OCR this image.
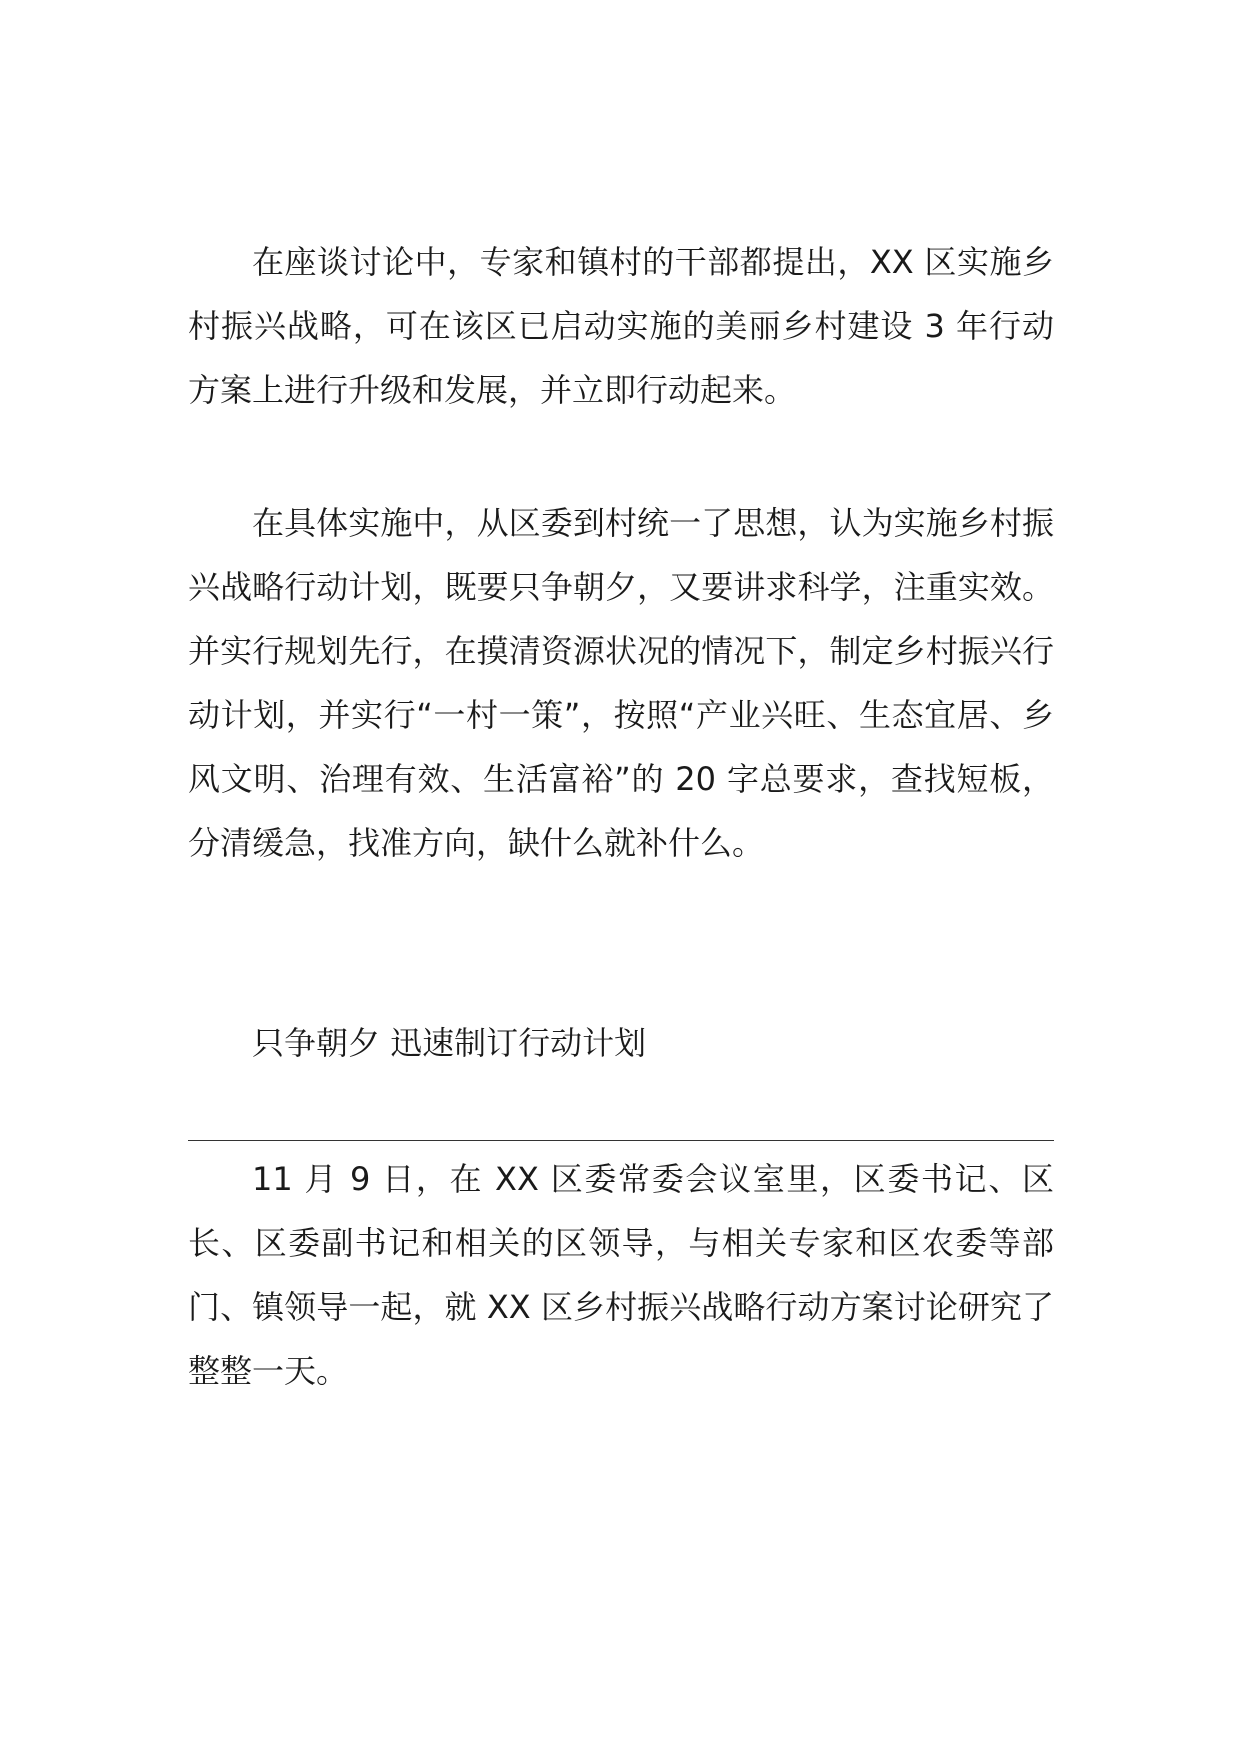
在座谈讨论中，专家和镇村的干部都提出，XX 区实施乡村振兴战略，可在该区已启动实施的美丽乡村建设 3 年行动方案上进行升级和发展，并立即行动起来。

在具体实施中，从区委到村统一了思想，认为实施乡村振兴战略行动计划，既要只争朝夕，又要讲求科学，注重实效。并实行规划先行，在摸清资源状况的情况下，制定乡村振兴行动计划，并实行“一村一策”，按照“产业兴旺、生态宜居、乡风文明、治理有效、生活富裕”的 20 字总要求，查找短板，分清缓急，找准方向，缺什么就补什么。

只争朝夕 迅速制订行动计划

11 月 9 日，在 XX 区委常委会议室里，区委书记、区长、区委副书记和相关的区领导，与相关专家和区农委等部门、镇领导一起，就 XX 区乡村振兴战略行动方案讨论研究了整整一天。
